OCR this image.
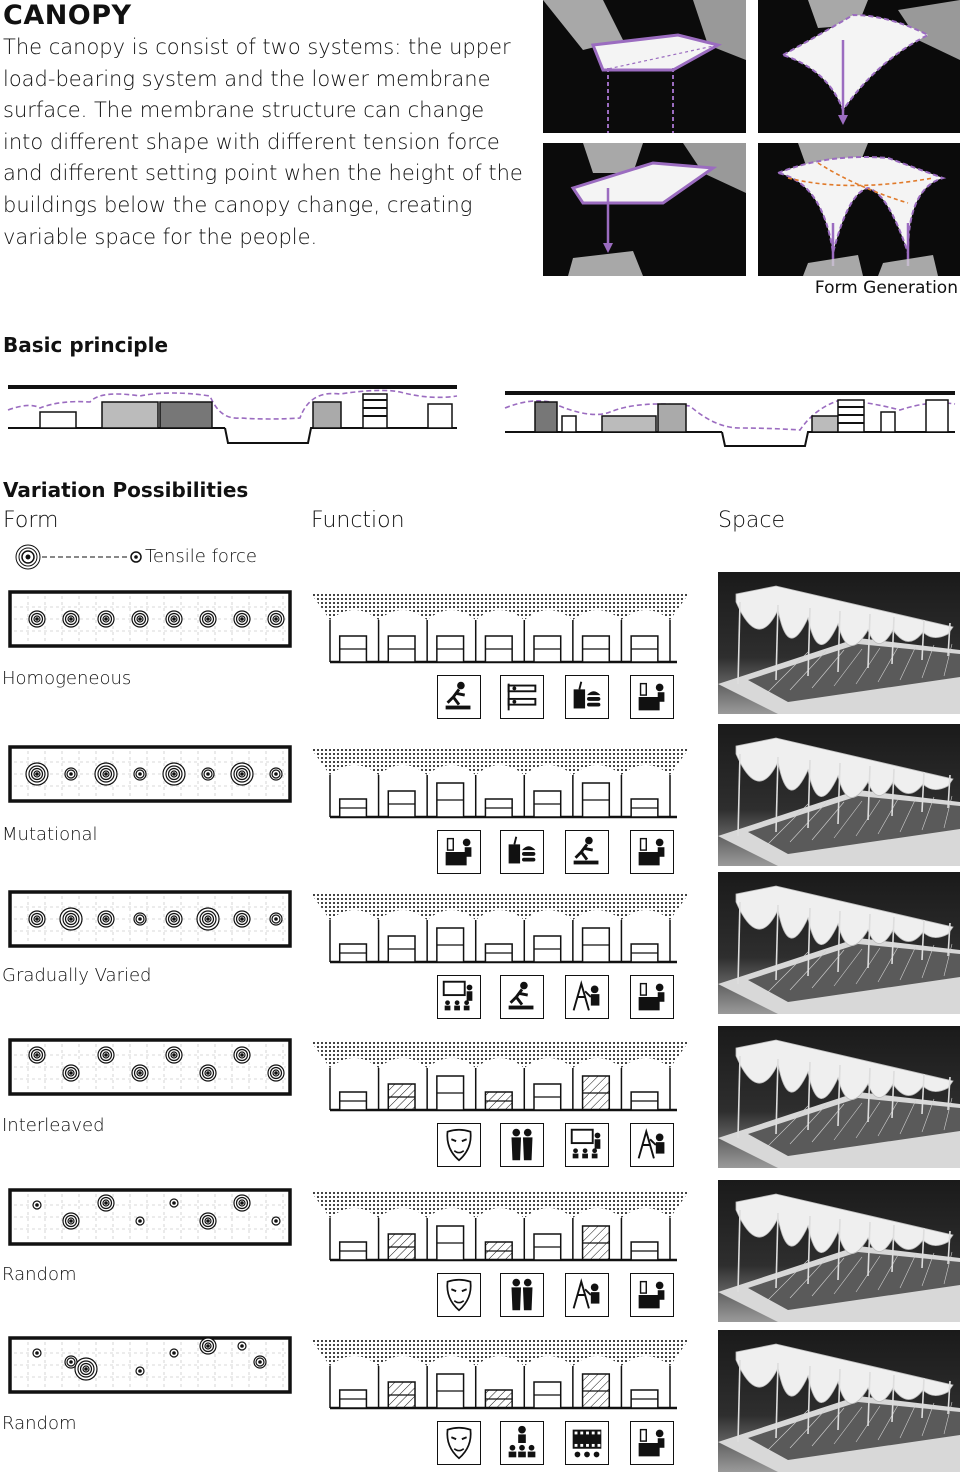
CANOPY
The canopy is consist of two systems: the upper load-bearing system and the lower membrane surface. The membrane structure can change into different shape with different tension force and different setting point when the height of the buildings below the canopy change, creating variable space for the people.
Form Generation
Basic principle
Variation Possibilities
Form	Function	Space
Tensile force
Homogeneous
Mutational
Gradually Varied
Interleaved
Random
Random
